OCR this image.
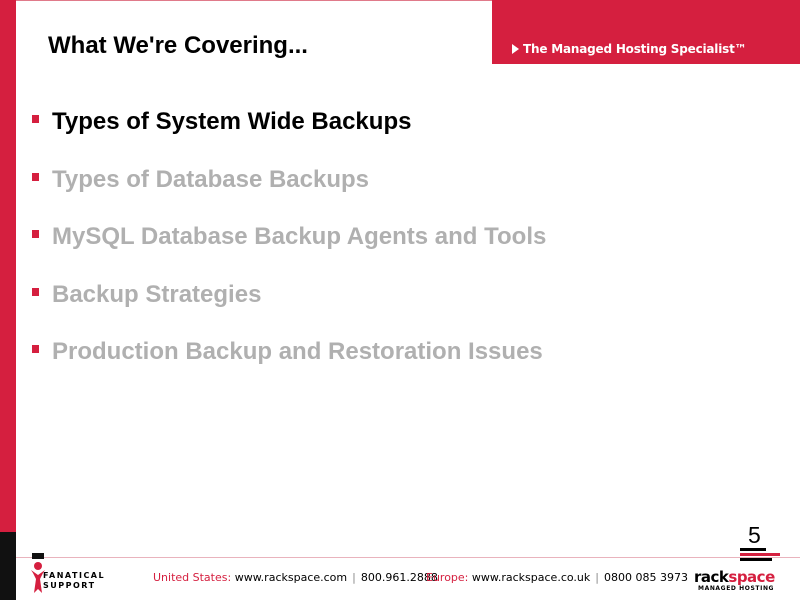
The Managed Hosting Specialist™
What We're Covering...
Types of System Wide Backups
Types of Database Backups
MySQL Database Backup Agents and Tools
Backup Strategies
Production Backup and Restoration Issues
5
FANATICAL
SUPPORT
United States: www.rackspace.com | 800.961.2888
Europe: www.rackspace.co.uk | 0800 085 3973 rackspace
MANAGED HOSTING
